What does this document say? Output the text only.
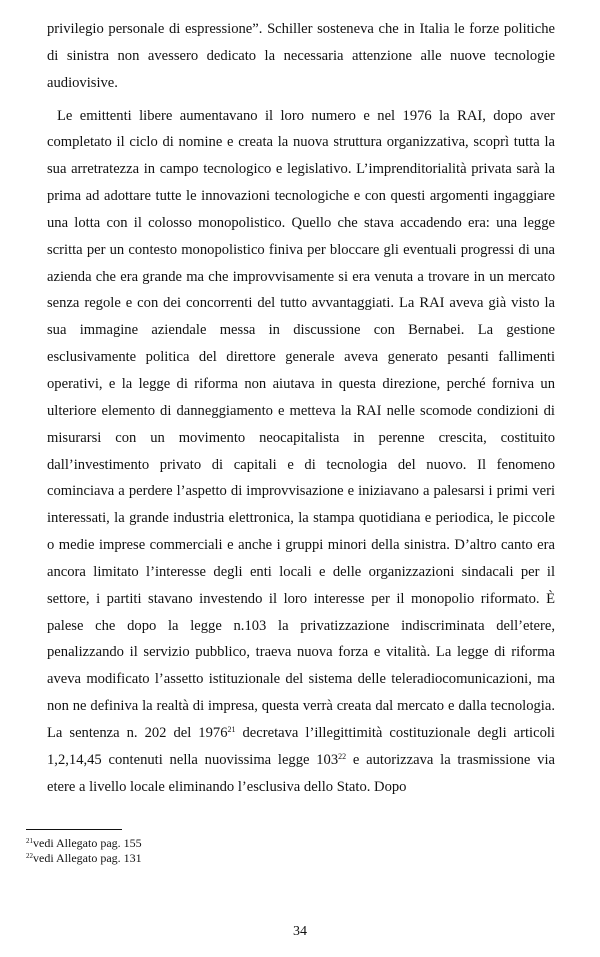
privilegio personale di espressione”. Schiller sosteneva che in Italia le forze politiche di sinistra non avessero dedicato la necessaria attenzione alle nuove tecnologie audiovisive.

Le emittenti libere aumentavano il loro numero e nel 1976 la RAI, dopo aver completato il ciclo di nomine e creata la nuova struttura organizzativa, scoprì tutta la sua arretratezza in campo tecnologico e legislativo. L’imprenditorialità privata sarà la prima ad adottare tutte le innovazioni tecnologiche e con questi argomenti ingaggiare una lotta con il colosso monopolistico. Quello che stava accadendo era: una legge scritta per un contesto monopolistico finiva per bloccare gli eventuali progressi di una azienda che era grande ma che improvvisamente si era venuta a trovare in un mercato senza regole e con dei concorrenti del tutto avvantaggiati. La RAI aveva già visto la sua immagine aziendale messa in discussione con Bernabei. La gestione esclusivamente politica del direttore generale aveva generato pesanti fallimenti operativi, e la legge di riforma non aiutava in questa direzione, perché forniva un ulteriore elemento di danneggiamento e metteva la RAI nelle scomode condizioni di misurarsi con un movimento neocapitalista in perenne crescita, costituito dall’investimento privato di capitali e di tecnologia del nuovo. Il fenomeno cominciava a perdere l’aspetto di improvvisazione e iniziavano a palesarsi i primi veri interessati, la grande industria elettronica, la stampa quotidiana e periodica, le piccole o medie imprese commerciali e anche i gruppi minori della sinistra. D’altro canto era ancora limitato l’interesse degli enti locali e delle organizzazioni sindacali per il settore, i partiti stavano investendo il loro interesse per il monopolio riformato. È palese che dopo la legge n.103 la privatizzazione indiscriminata dell’etere, penalizzando il servizio pubblico, traeva nuova forza e vitalità. La legge di riforma aveva modificato l’assetto istituzionale del sistema delle teleradiocomunicazioni, ma non ne definiva la realtà di impresa, questa verrà creata dal mercato e dalla tecnologia. La sentenza n. 202 del 1976$^{21}$ decretava l’illegittimità costituzionale degli articoli 1,2,14,45 contenuti nella nuovissima legge 103$^{22}$ e autorizzava la trasmissione via etere a livello locale eliminando l’esclusiva dello Stato. Dopo

$^{21}$vedi Allegato pag. 155
$^{22}$vedi Allegato pag. 131
34
